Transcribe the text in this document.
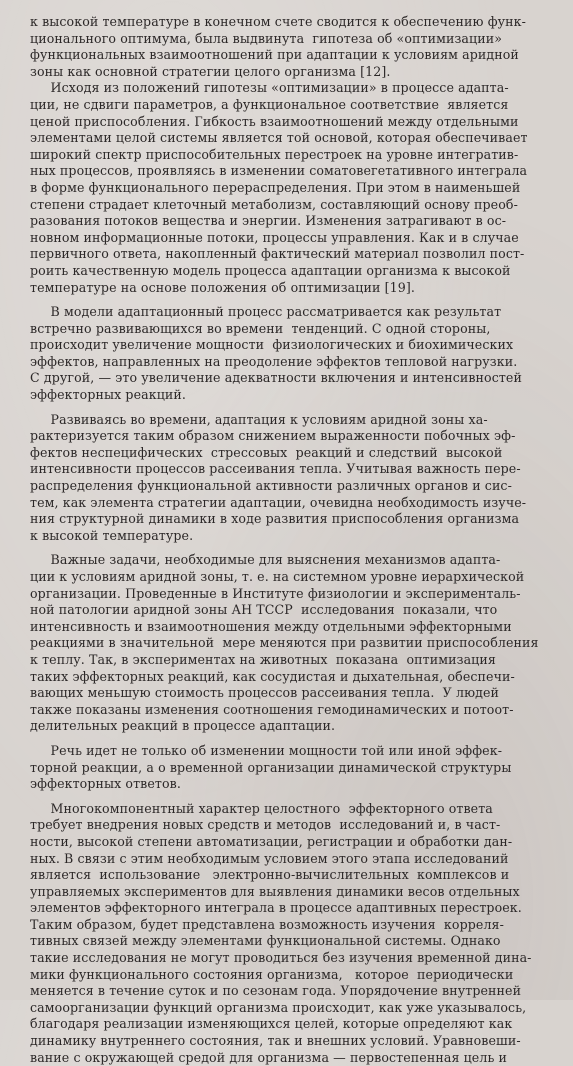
к высокой температуре в конечном счете сводится к обеспечению функ-
ционального оптимума, была выдвинута  гипотеза об «оптимизации»
функциональных взаимоотношений при адаптации к условиям аридной
зоны как основной стратегии целого организма [12].

Исходя из положений гипотезы «оптимизации» в процессе адапта-
ции, не сдвиги параметров, а функциональное соответствие  является
ценой приспособления. Гибкость взаимоотношений между отдельными
элементами целой системы является той основой, которая обеспечивает
широкий спектр приспособительных перестроек на уровне интегратив-
ных процессов, проявляясь в изменении соматовегетативного интеграла
в форме функционального перераспределения. При этом в наименьшей
степени страдает клеточный метаболизм, составляющий основу преоб-
разования потоков вещества и энергии. Изменения затрагивают в ос-
новном информационные потоки, процессы управления. Как и в случае
первичного ответа, накопленный фактический материал позволил пост-
роить качественную модель процесса адаптации организма к высокой
температуре на основе положения об оптимизации [19].

В модели адаптационный процесс рассматривается как результат
встречно развивающихся во времени  тенденций. С одной стороны,
происходит увеличение мощности  физиологических и биохимических
эффектов, направленных на преодоление эффектов тепловой нагрузки.
С другой, — это увеличение адекватности включения и интенсивностей
эффекторных реакций.

Развиваясь во времени, адаптация к условиям аридной зоны ха-
рактеризуется таким образом снижением выраженности побочных эф-
фектов неспецифических  стрессовых  реакций и следствий  высокой
интенсивности процессов рассеивания тепла. Учитывая важность пере-
распределения функциональной активности различных органов и сис-
тем, как элемента стратегии адаптации, очевидна необходимость изуче-
ния структурной динамики в ходе развития приспособления организма
к высокой температуре.

Важные задачи, необходимые для выяснения механизмов адапта-
ции к условиям аридной зоны, т. е. на системном уровне иерархической
организации. Проведенные в Институте физиологии и эксперименталь-
ной патологии аридной зоны АН ТССР  исследования  показали, что
интенсивность и взаимоотношения между отдельными эффекторными
реакциями в значительной  мере меняются при развитии приспособления
к теплу. Так, в экспериментах на животных  показана  оптимизация
таких эффекторных реакций, как сосудистая и дыхательная, обеспечи-
вающих меньшую стоимость процессов рассеивания тепла.  У людей
также показаны изменения соотношения гемодинамических и потоот-
делительных реакций в процессе адаптации.

Речь идет не только об изменении мощности той или иной эффек-
торной реакции, а о временной организации динамической структуры
эффекторных ответов.

Многокомпонентный характер целостного  эффекторного ответа
требует внедрения новых средств и методов  исследований и, в част-
ности, высокой степени автоматизации, регистрации и обработки дан-
ных. В связи с этим необходимым условием этого этапа исследований
является  использование   электронно-вычислительных  комплексов и
управляемых экспериментов для выявления динамики весов отдельных
элементов эффекторного интеграла в процессе адаптивных перестроек.
Таким образом, будет представлена возможность изучения  корреля-
тивных связей между элементами функциональной системы. Однако
такие исследования не могут проводиться без изучения временной дина-
мики функционального состояния организма,   которое  периодически
меняется в течение суток и по сезонам года. Упорядочение внутренней
самоорганизации функций организма происходит, как уже указывалось,
благодаря реализации изменяющихся целей, которые определяют как
динамику внутреннего состояния, так и внешних условий. Уравновеши-
вание с окружающей средой для организма — первостепенная цель и
